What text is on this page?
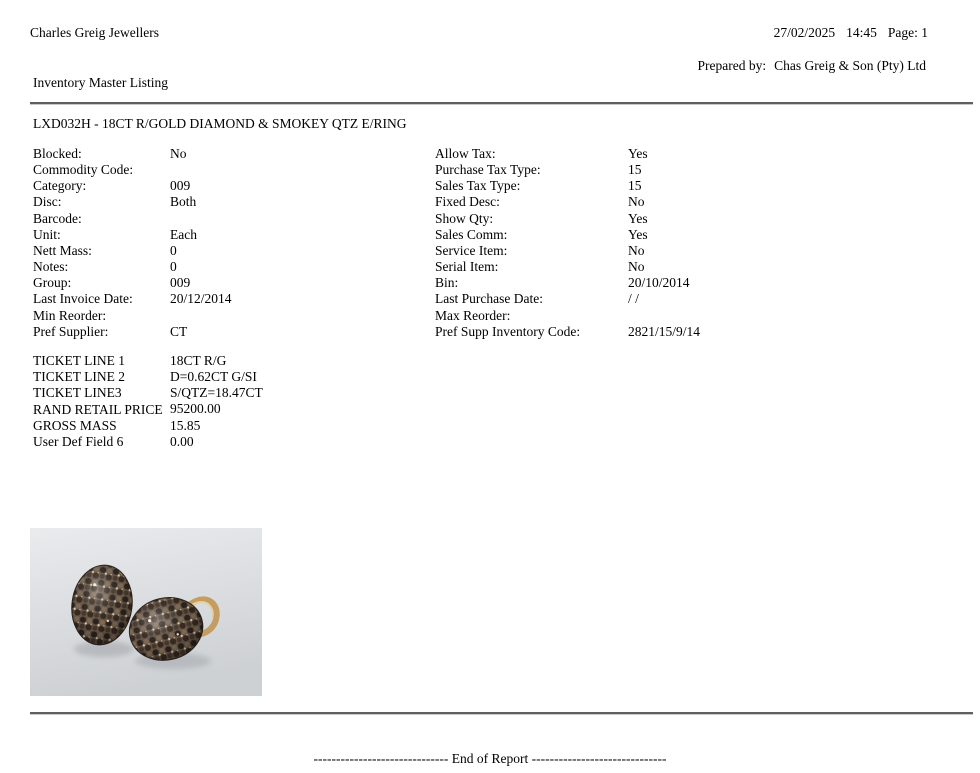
Charles Greig Jewellers	27/02/2025 14:45 Page: 1
Prepared by: Chas Greig & Son (Pty) Ltd
Inventory Master Listing
LXD032H - 18CT R/GOLD DIAMOND & SMOKEY QTZ E/RING
Blocked:	No
Commodity Code:
Category:	009
Disc:	Both
Barcode:
Unit:	Each
Nett Mass:	0
Notes:	0
Group:	009
Last Invoice Date:	20/12/2014
Min Reorder:
Pref Supplier:	CT
Allow Tax:	Yes
Purchase Tax Type:	15
Sales Tax Type:	15
Fixed Desc:	No
Show Qty:	Yes
Sales Comm:	Yes
Service Item:	No
Serial Item:	No
Bin:	20/10/2014
Last Purchase Date:	/ /
Max Reorder:
Pref Supp Inventory Code:	2821/15/9/14
TICKET LINE 1	18CT R/G
TICKET LINE 2	D=0.62CT G/SI
TICKET LINE3	S/QTZ=18.47CT
RAND RETAIL PRICE 95200.00
GROSS MASS	15.85
User Def Field 6	0.00
------------------------------ End of Report ------------------------------
